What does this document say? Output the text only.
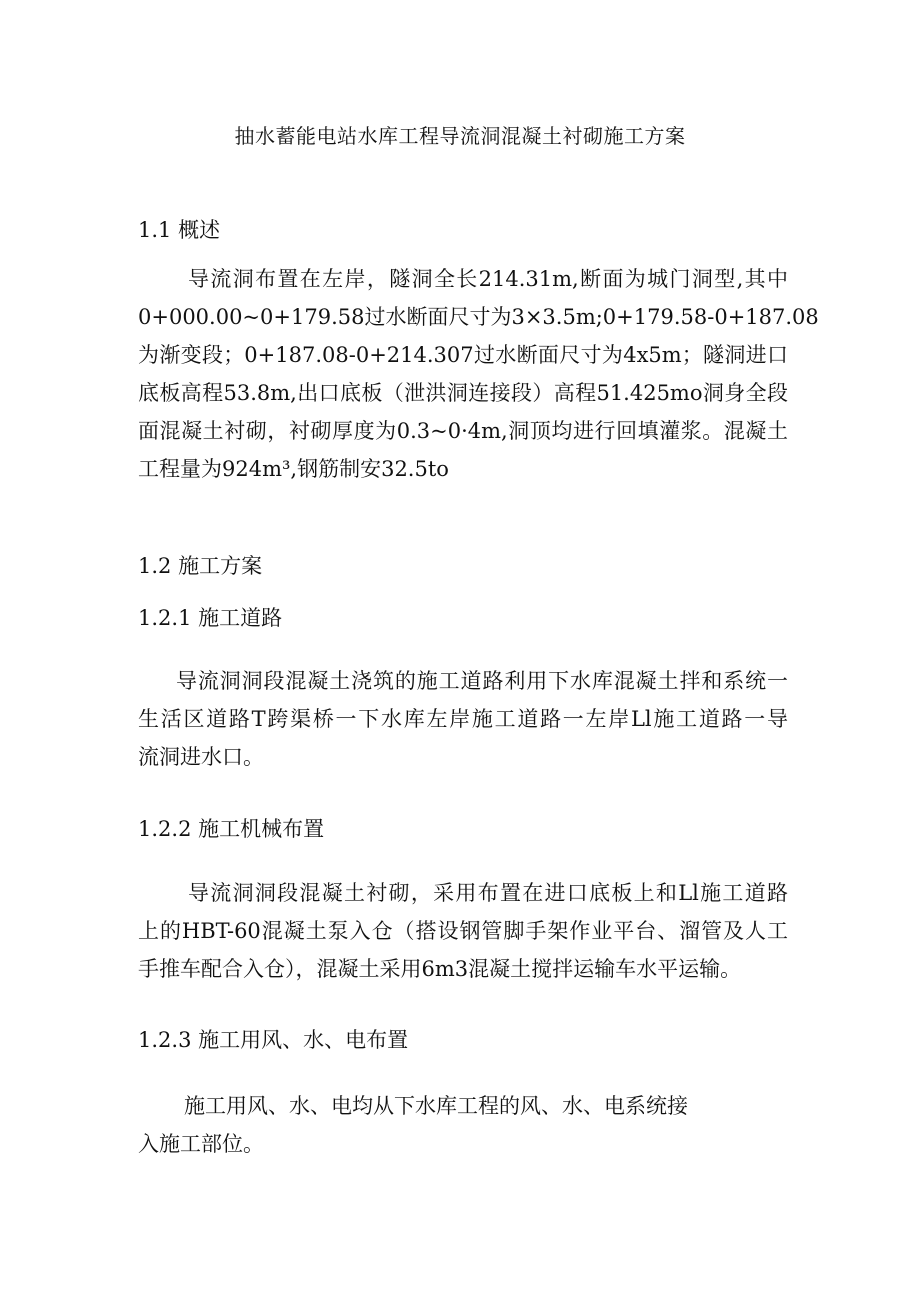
抽水蓄能电站水库工程导流洞混凝土衬砌施工方案
1.1 概述
导流洞布置在左岸，隧洞全长214.31m,断面为城门洞型,其中
0+000.00~0+179.58过水断面尺寸为3×3.5m;0+179.58-0+187.08
为渐变段；0+187.08-0+214.307过水断面尺寸为4x5m；隧洞进口
底板高程53.8m,出口底板（泄洪洞连接段）高程51.425mo洞身全段
面混凝土衬砌，衬砌厚度为0.3~0·4m,洞顶均进行回填灌浆。混凝土
工程量为924m³,钢筋制安32.5to
1.2 施工方案
1.2.1 施工道路
导流洞洞段混凝土浇筑的施工道路利用下水库混凝土拌和系统一
生活区道路T跨渠桥一下水库左岸施工道路一左岸Ll施工道路一导
流洞进水口。
1.2.2 施工机械布置
导流洞洞段混凝土衬砌，采用布置在进口底板上和Ll施工道路
上的HBT-60混凝土泵入仓（搭设钢管脚手架作业平台、溜管及人工
手推车配合入仓），混凝土采用6m3混凝土搅拌运输车水平运输。
1.2.3 施工用风、水、电布置
施工用风、水、电均从下水库工程的风、水、电系统接
入施工部位。
